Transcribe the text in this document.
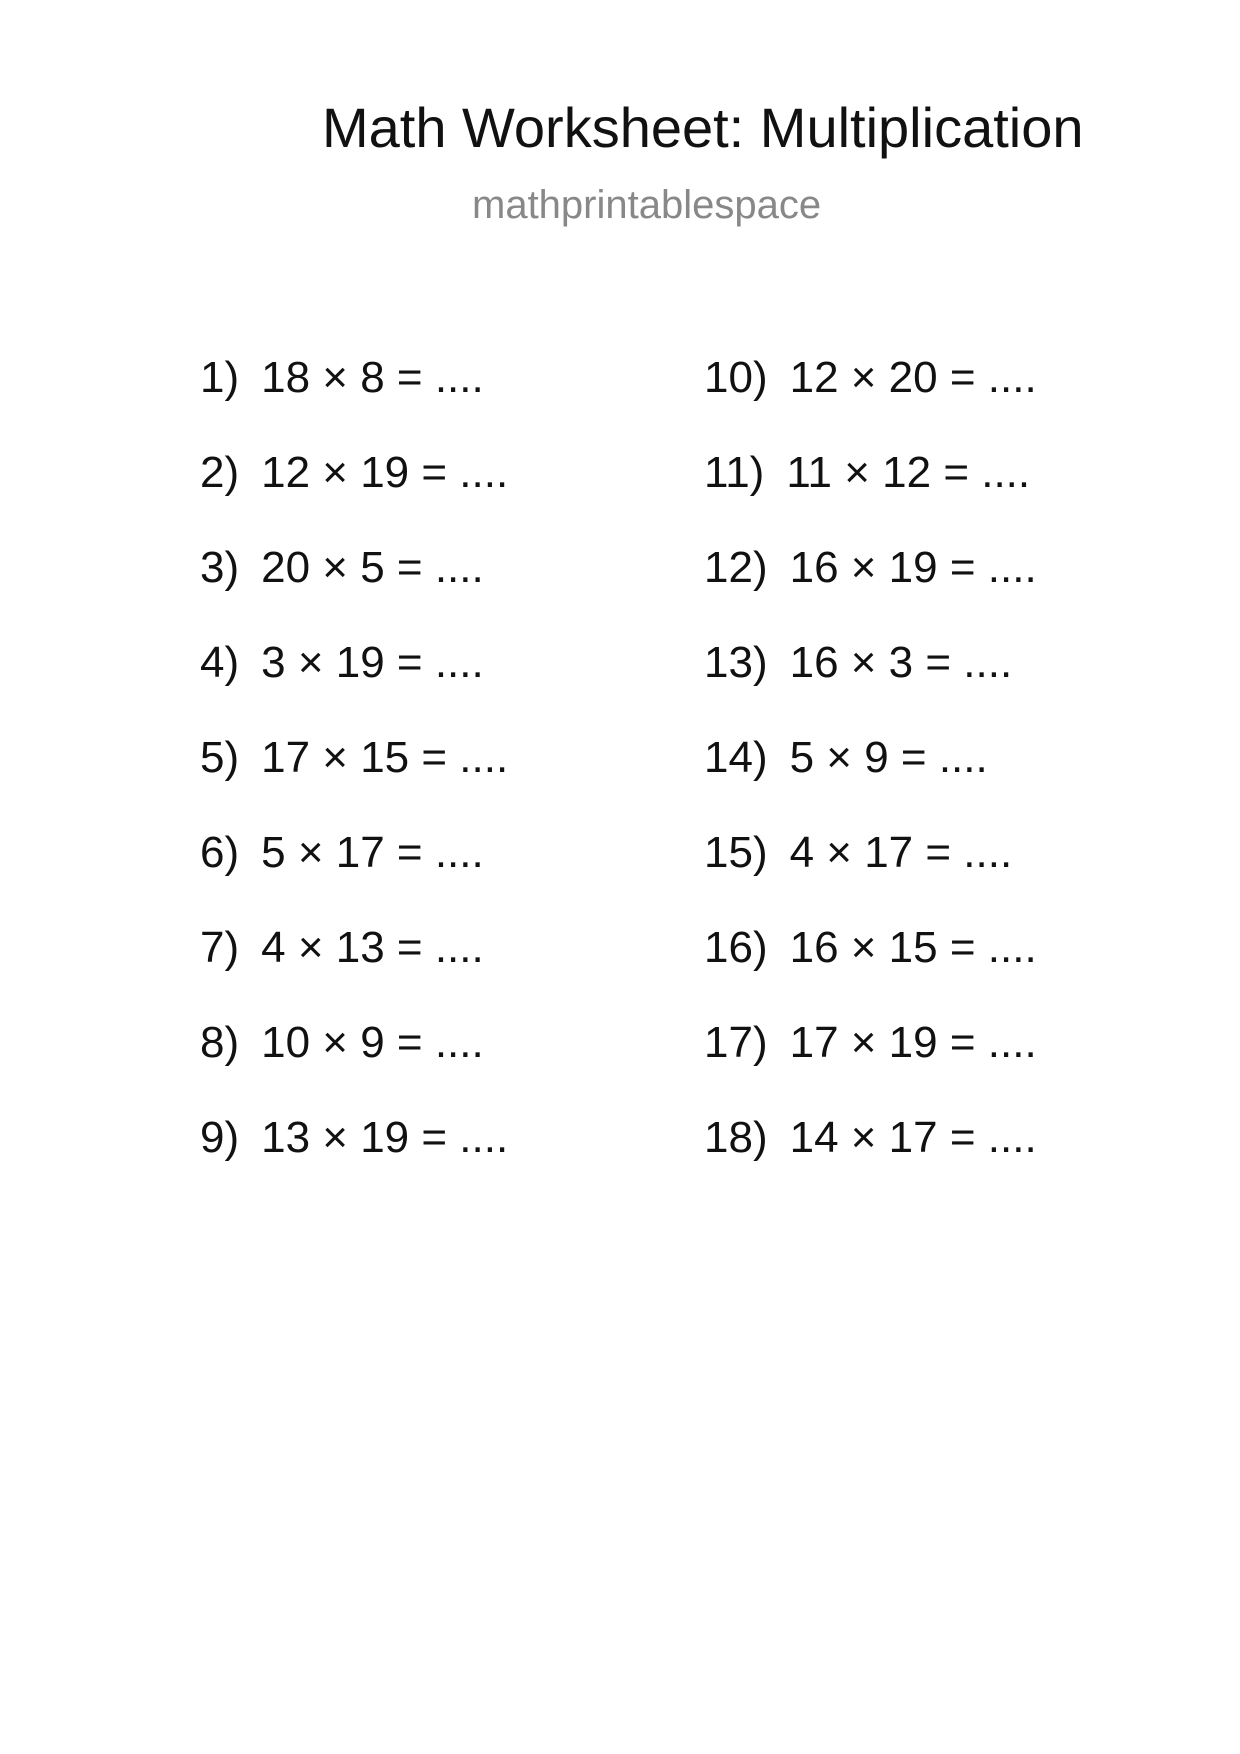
Math Worksheet: Multiplication
mathprintablespace
1) 18 × 8 = ....
2) 12 × 19 = ....
3) 20 × 5 = ....
4) 3 × 19 = ....
5) 17 × 15 = ....
6) 5 × 17 = ....
7) 4 × 13 = ....
8) 10 × 9 = ....
9) 13 × 19 = ....
10) 12 × 20 = ....
11) 11 × 12 = ....
12) 16 × 19 = ....
13) 16 × 3 = ....
14) 5 × 9 = ....
15) 4 × 17 = ....
16) 16 × 15 = ....
17) 17 × 19 = ....
18) 14 × 17 = ....
